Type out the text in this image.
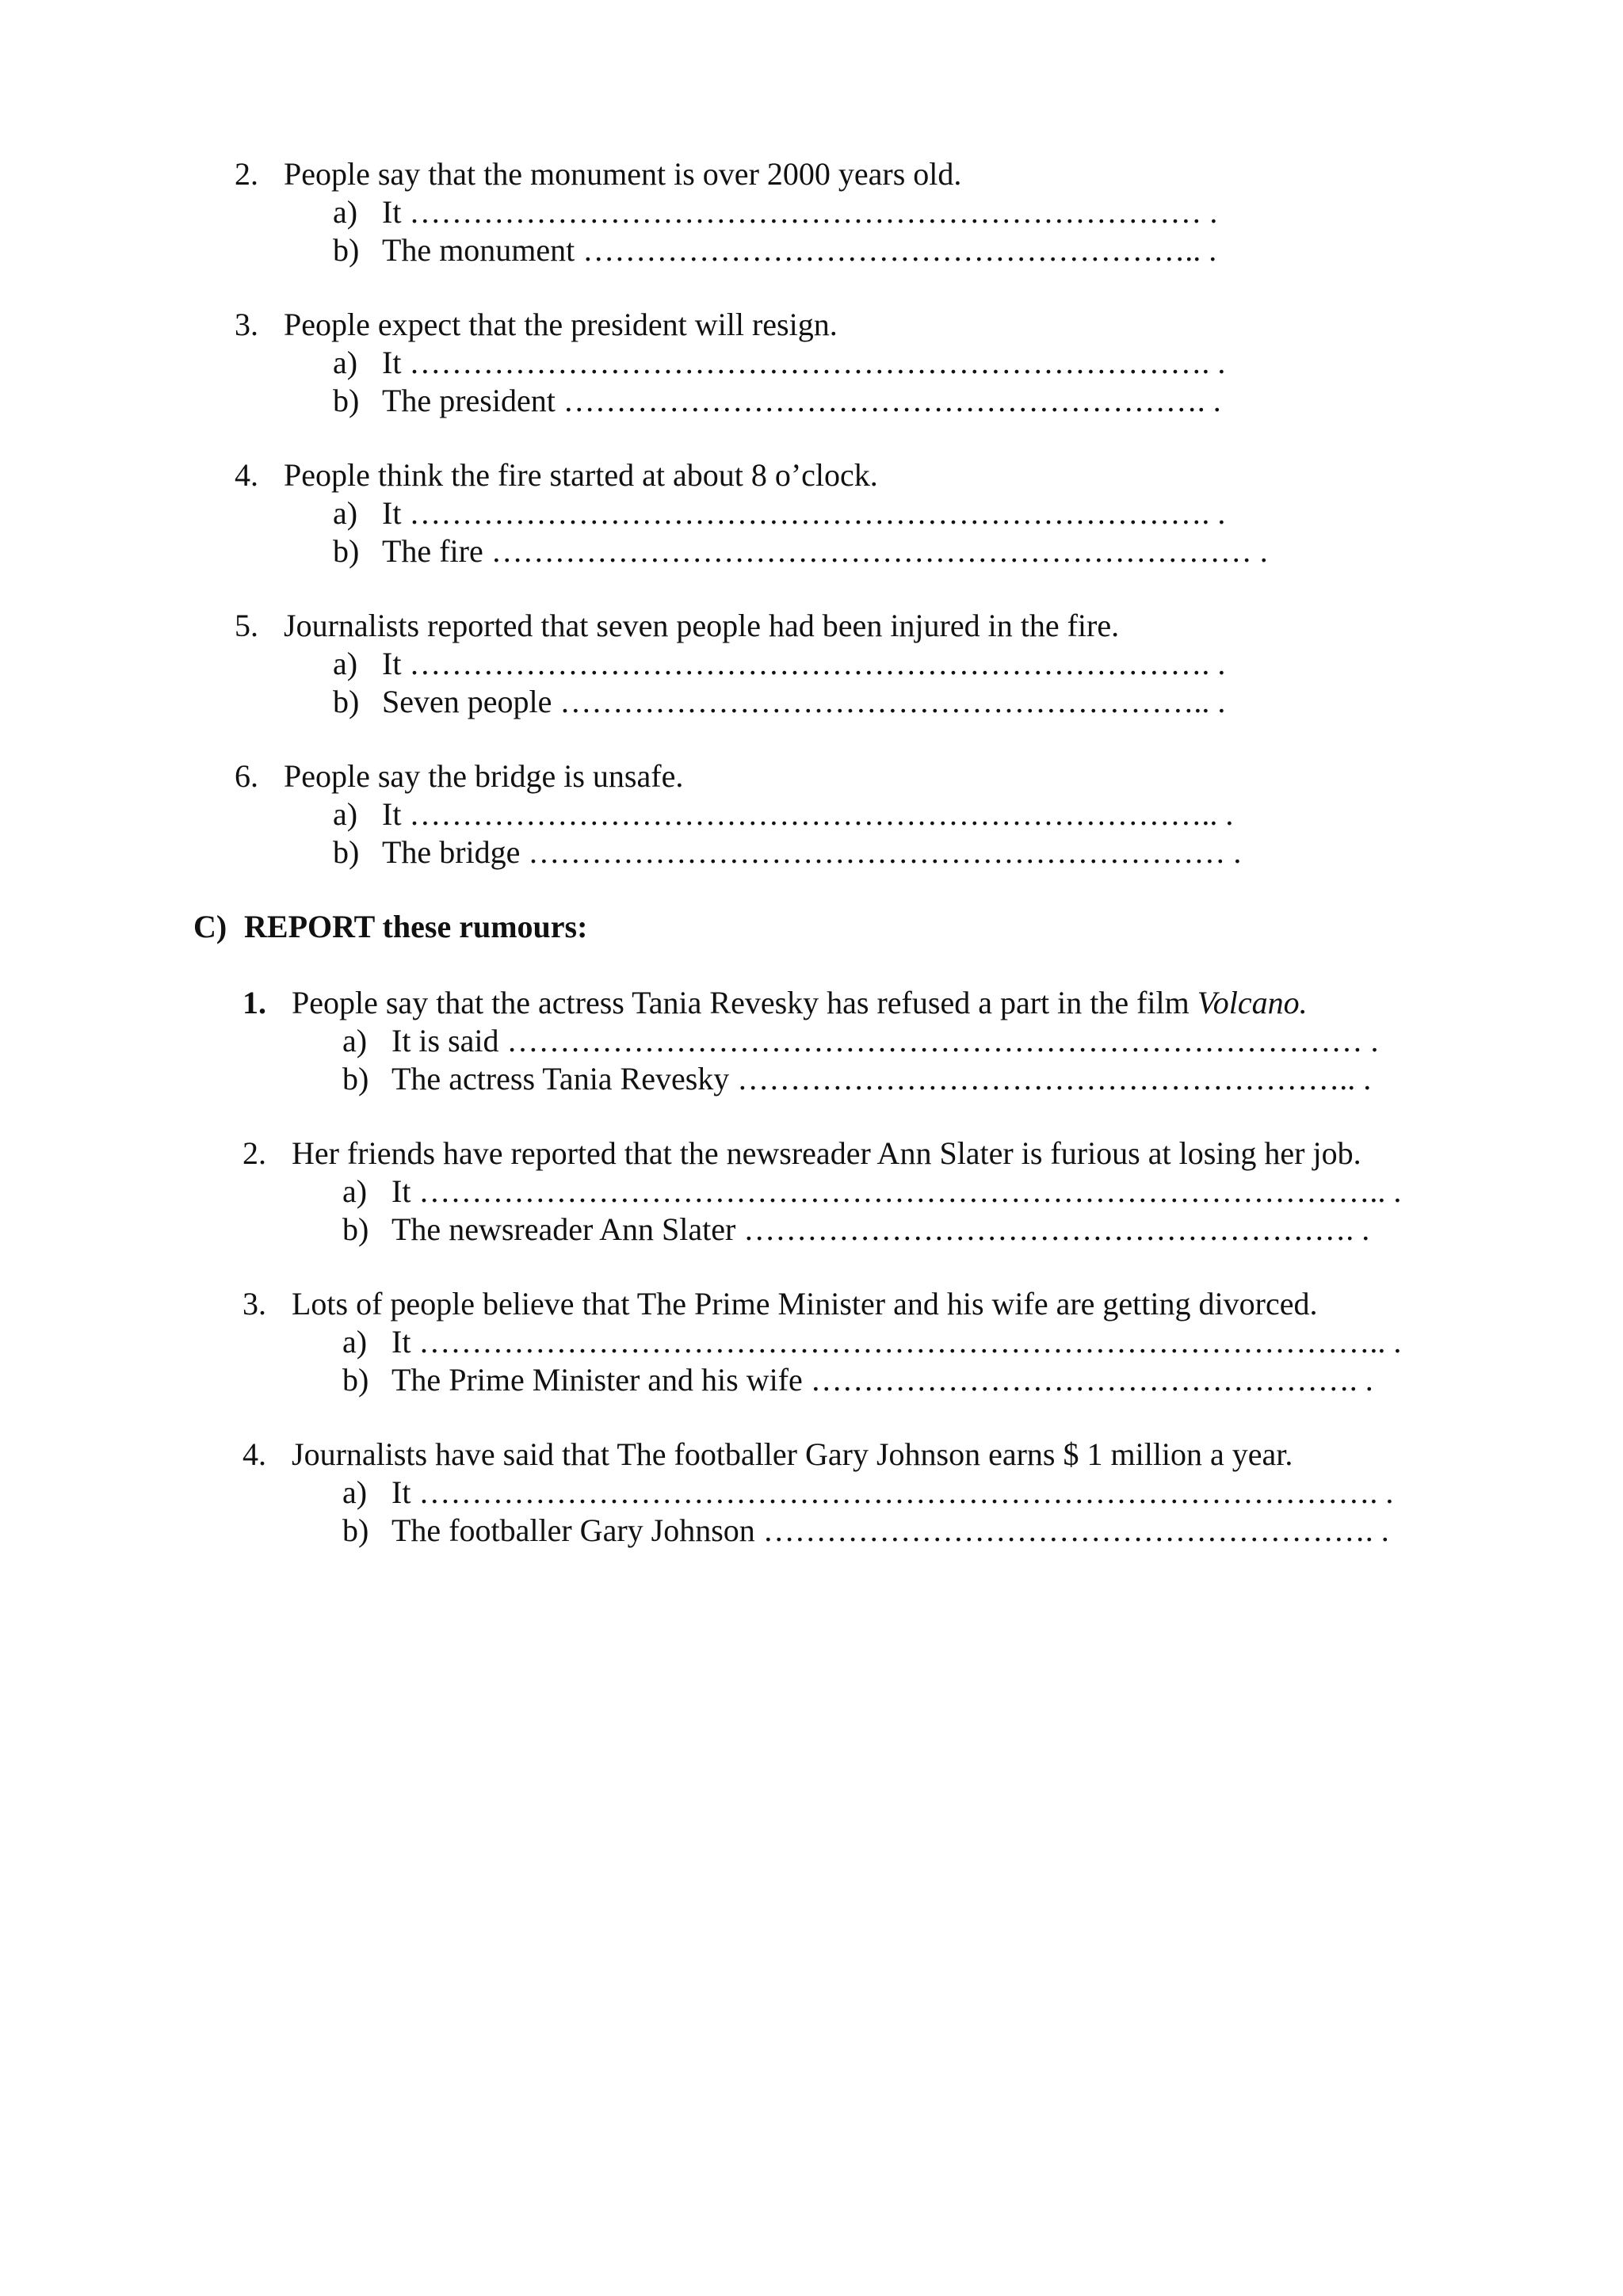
2. People say that the monument is over 2000 years old.
a) It ………………………………………………………………… .
b) The monument ………………………………………………….. .
3. People expect that the president will resign.
a) It …………………………………………………………………. .
b) The president ……………………………………………………. .
4. People think the fire started at about 8 o’clock.
a) It …………………………………………………………………. .
b) The fire ……………………………………………………………… .
5. Journalists reported that seven people had been injured in the fire.
a) It …………………………………………………………………. .
b) Seven people …………………………………………………….. .
6. People say the bridge is unsafe.
a) It ………………………………………………………………….. .
b) The bridge ………………………………………………………… .
C) REPORT these rumours:
1. People say that the actress Tania Revesky has refused a part in the film Volcano.
a) It is said ……………………………………………………………………… .
b) The actress Tania Revesky ………………………………………………….. .
2. Her friends have reported that the newsreader Ann Slater is furious at losing her job.
a) It ……………………………………………………………………………….. .
b) The newsreader Ann Slater …………………………………………………. .
3. Lots of people believe that The Prime Minister and his wife are getting divorced.
a) It ……………………………………………………………………………….. .
b) The Prime Minister and his wife ……………………………………………. .
4. Journalists have said that The footballer Gary Johnson earns $ 1 million a year.
a) It ………………………………………………………………………………. .
b) The footballer Gary Johnson …………………………………………………. .
